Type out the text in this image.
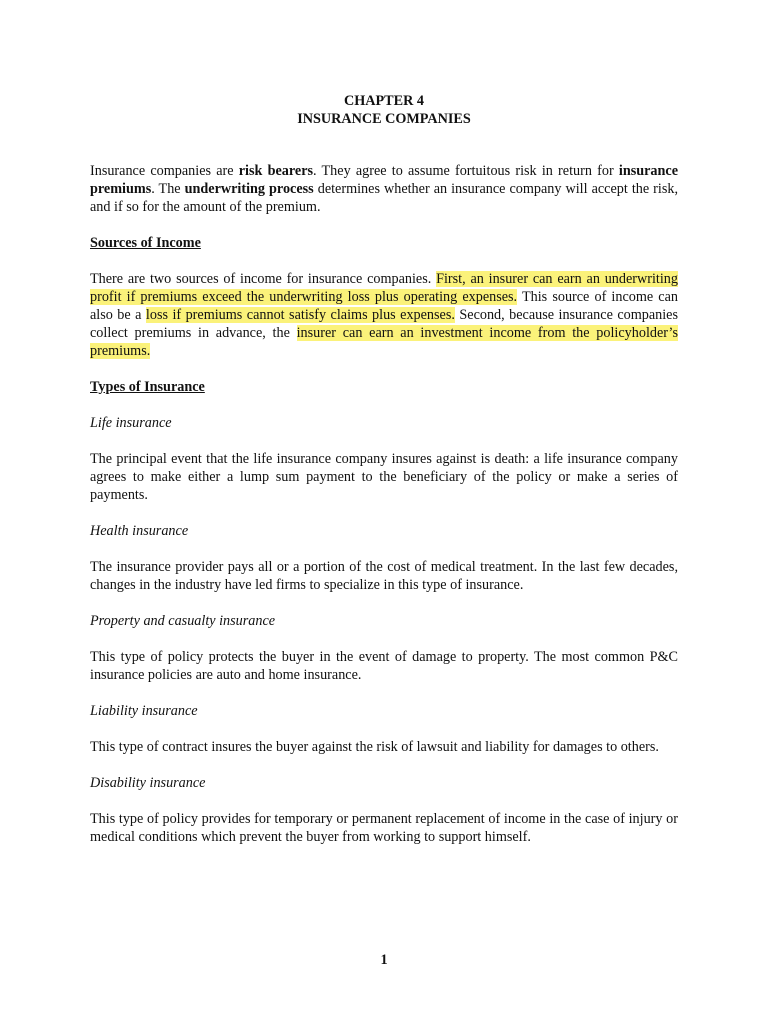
CHAPTER 4
INSURANCE COMPANIES

Insurance companies are risk bearers. They agree to assume fortuitous risk in return for insurance premiums. The underwriting process determines whether an insurance company will accept the risk, and if so for the amount of the premium.

Sources of Income

There are two sources of income for insurance companies. First, an insurer can earn an underwriting profit if premiums exceed the underwriting loss plus operating expenses. This source of income can also be a loss if premiums cannot satisfy claims plus expenses. Second, because insurance companies collect premiums in advance, the insurer can earn an investment income from the policyholder’s premiums.

Types of Insurance

Life insurance

The principal event that the life insurance company insures against is death: a life insurance company agrees to make either a lump sum payment to the beneficiary of the policy or make a series of payments.

Health insurance

The insurance provider pays all or a portion of the cost of medical treatment. In the last few decades, changes in the industry have led firms to specialize in this type of insurance.

Property and casualty insurance

This type of policy protects the buyer in the event of damage to property. The most common P&C insurance policies are auto and home insurance.

Liability insurance

This type of contract insures the buyer against the risk of lawsuit and liability for damages to others.

Disability insurance

This type of policy provides for temporary or permanent replacement of income in the case of injury or medical conditions which prevent the buyer from working to support himself.

1
